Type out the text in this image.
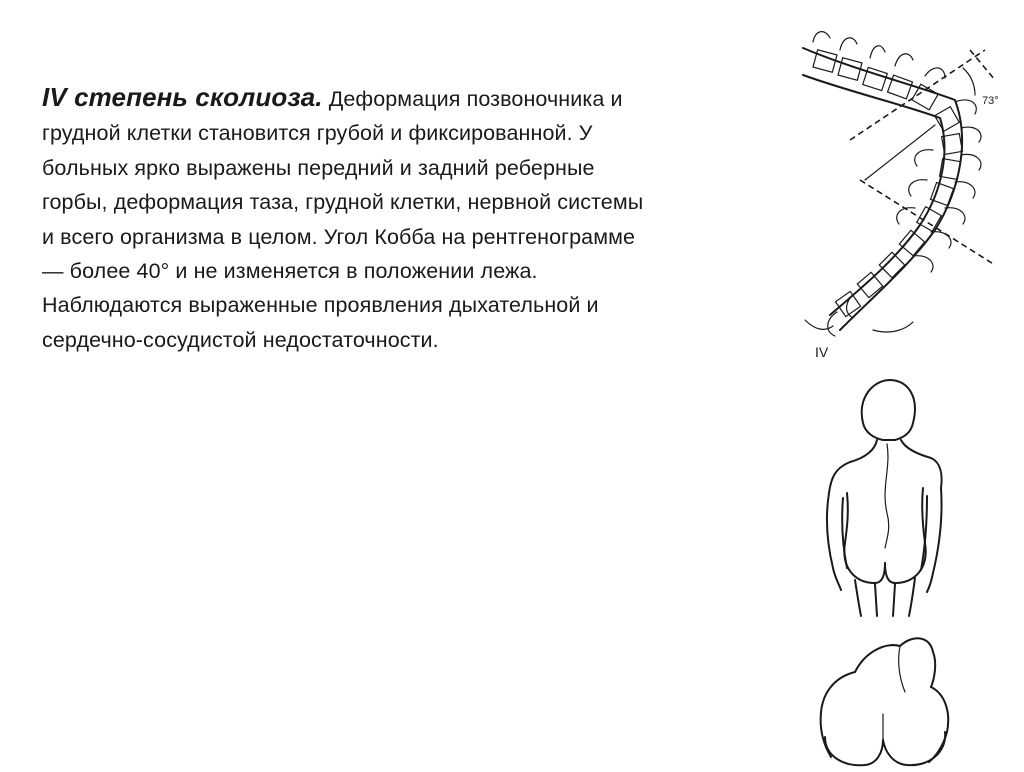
IV степень сколиоза. Деформация позвоночника и грудной клетки становится грубой и фиксированной. У больных ярко выражены передний и задний реберные горбы, деформация таза, грудной клетки, нервной системы и всего организма в целом. Угол Кобба на рентгенограмме — более 40° и не изменяется в положении лежа. Наблюдаются выраженные проявления дыхательной и сердечно-сосудистой недостаточности.
73°
IV
